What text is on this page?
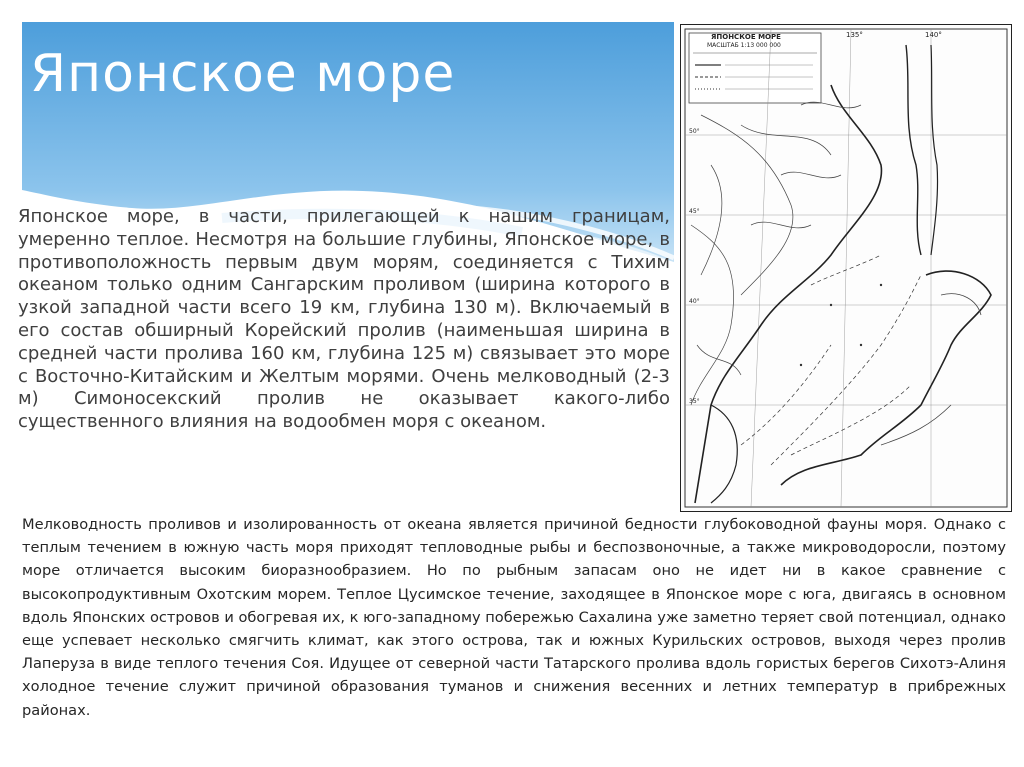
Японское море

Японское море, в части, прилегающей к нашим границам, умеренно теплое. Несмотря на большие глубины, Японское море, в противоположность первым двум морям, соединяется с Тихим океаном только одним Сангарским проливом (ширина которого в узкой западной части всего 19 км, глубина 130 м). Включаемый в его состав обширный Корейский пролив (наименьшая ширина в средней части пролива 160 км, глубина 125 м) связывает это море с Восточно-Китайским и Желтым морями. Очень мелководный (2-3 м) Симоносекский пролив не оказывает какого-либо существенного влияния на водообмен моря с океаном.

ЯПОНСКОЕ МОРЕ
МАСШТАБ 1:13 000 000
135°	140°
50°
45°
40°
35°

Мелководность проливов и изолированность от океана является причиной бедности глубоководной фауны моря. Однако с теплым течением в южную часть моря приходят тепловодные рыбы и беспозвоночные, а также микроводоросли, поэтому море отличается высоким биоразнообразием. Но по рыбным запасам оно не идет ни в какое сравнение с высокопродуктивным Охотским морем. Теплое Цусимское течение, заходящее в Японское море с юга, двигаясь в основном вдоль Японских островов и обогревая их, к юго-западному побережью Сахалина уже заметно теряет свой потенциал, однако еще успевает несколько смягчить климат, как этого острова, так и южных Курильских островов, выходя через пролив Лаперуза в виде теплого течения Соя. Идущее от северной части Татарского пролива вдоль гористых берегов Сихотэ-Алиня холодное течение служит причиной образования туманов и снижения весенних и летних температур в прибрежных районах.
